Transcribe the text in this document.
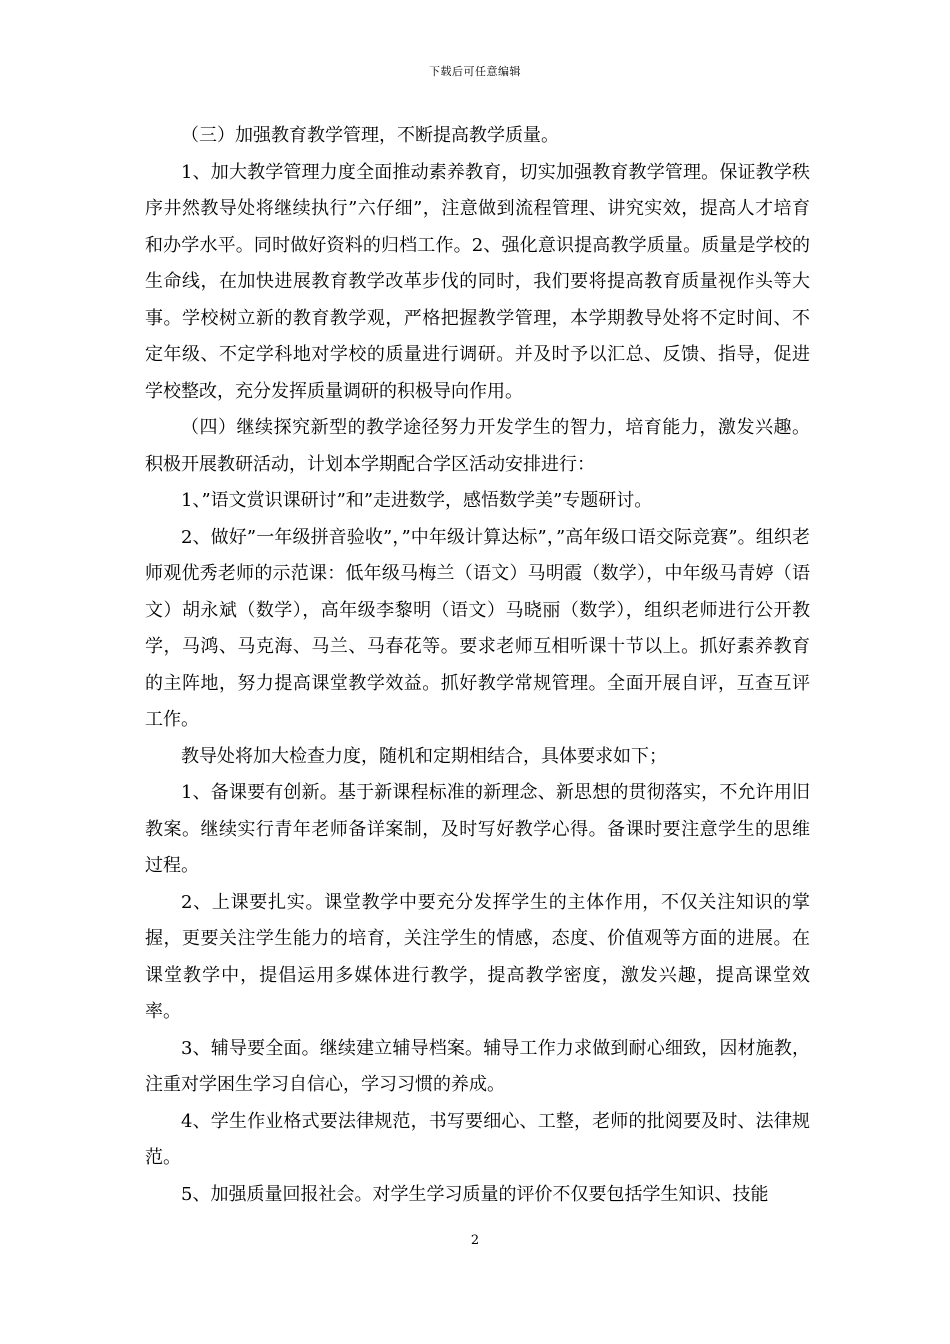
下载后可任意编辑

（三）加强教育教学管理，不断提高教学质量。

1、加大教学管理力度全面推动素养教育，切实加强教育教学管理。保证教学秩序井然教导处将继续执行”六仔细”，注意做到流程管理、讲究实效，提高人才培育和办学水平。同时做好资料的归档工作。2、强化意识提高教学质量。质量是学校的生命线，在加快进展教育教学改革步伐的同时，我们要将提高教育质量视作头等大事。学校树立新的教育教学观，严格把握教学管理，本学期教导处将不定时间、不定年级、不定学科地对学校的质量进行调研。并及时予以汇总、反馈、指导，促进学校整改，充分发挥质量调研的积极导向作用。

（四）继续探究新型的教学途径努力开发学生的智力，培育能力，激发兴趣。积极开展教研活动，计划本学期配合学区活动安排进行：

1、”语文赏识课研讨”和”走进数学，感悟数学美”专题研讨。

2、做好”一年级拼音验收”，”中年级计算达标”，”高年级口语交际竞赛”。组织老师观优秀老师的示范课：低年级马梅兰（语文）马明霞（数学），中年级马青婷（语文）胡永斌（数学），高年级李黎明（语文）马晓丽（数学），组织老师进行公开教学，马鸿、马克海、马兰、马春花等。要求老师互相听课十节以上。抓好素养教育的主阵地，努力提高课堂教学效益。抓好教学常规管理。全面开展自评，互查互评工作。

教导处将加大检查力度，随机和定期相结合，具体要求如下；

1、备课要有创新。基于新课程标准的新理念、新思想的贯彻落实，不允许用旧教案。继续实行青年老师备详案制，及时写好教学心得。备课时要注意学生的思维过程。

2、上课要扎实。课堂教学中要充分发挥学生的主体作用，不仅关注知识的掌握，更要关注学生能力的培育，关注学生的情感，态度、价值观等方面的进展。在课堂教学中，提倡运用多媒体进行教学，提高教学密度，激发兴趣，提高课堂效率。

3、辅导要全面。继续建立辅导档案。辅导工作力求做到耐心细致，因材施教，注重对学困生学习自信心，学习习惯的养成。

4、学生作业格式要法律规范，书写要细心、工整，老师的批阅要及时、法律规范。

5、加强质量回报社会。对学生学习质量的评价不仅要包括学生知识、技能

2
